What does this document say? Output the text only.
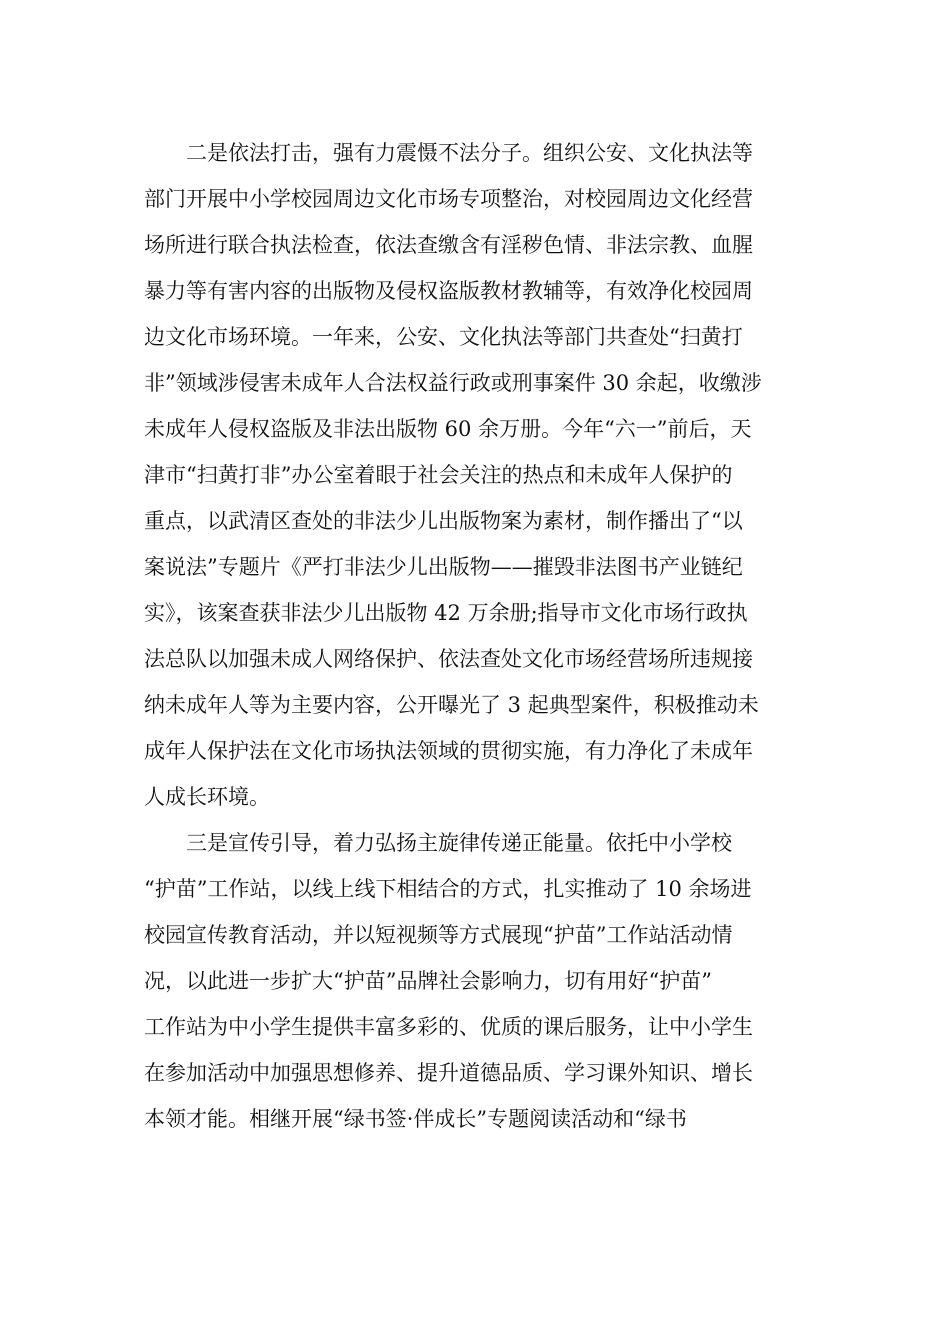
二是依法打击，强有力震慑不法分子。组织公安、文化执法等
部门开展中小学校园周边文化市场专项整治，对校园周边文化经营
场所进行联合执法检查，依法查缴含有淫秽色情、非法宗教、血腥
暴力等有害内容的出版物及侵权盗版教材教辅等，有效净化校园周
边文化市场环境。一年来，公安、文化执法等部门共查处“扫黄打
非”领域涉侵害未成年人合法权益行政或刑事案件 30 余起，收缴涉
未成年人侵权盗版及非法出版物 60 余万册。今年“六一”前后，天
津市“扫黄打非”办公室着眼于社会关注的热点和未成年人保护的
重点，以武清区查处的非法少儿出版物案为素材，制作播出了“以
案说法”专题片《严打非法少儿出版物——摧毁非法图书产业链纪
实》，该案查获非法少儿出版物 42 万余册;指导市文化市场行政执
法总队以加强未成人网络保护、依法查处文化市场经营场所违规接
纳未成年人等为主要内容，公开曝光了 3 起典型案件，积极推动未
成年人保护法在文化市场执法领域的贯彻实施，有力净化了未成年
人成长环境。

三是宣传引导，着力弘扬主旋律传递正能量。依托中小学校
“护苗”工作站，以线上线下相结合的方式，扎实推动了 10 余场进
校园宣传教育活动，并以短视频等方式展现“护苗”工作站活动情
况，以此进一步扩大“护苗”品牌社会影响力，切有用好“护苗”
工作站为中小学生提供丰富多彩的、优质的课后服务，让中小学生
在参加活动中加强思想修养、提升道德品质、学习课外知识、增长
本领才能。相继开展“绿书签·伴成长”专题阅读活动和“绿书
